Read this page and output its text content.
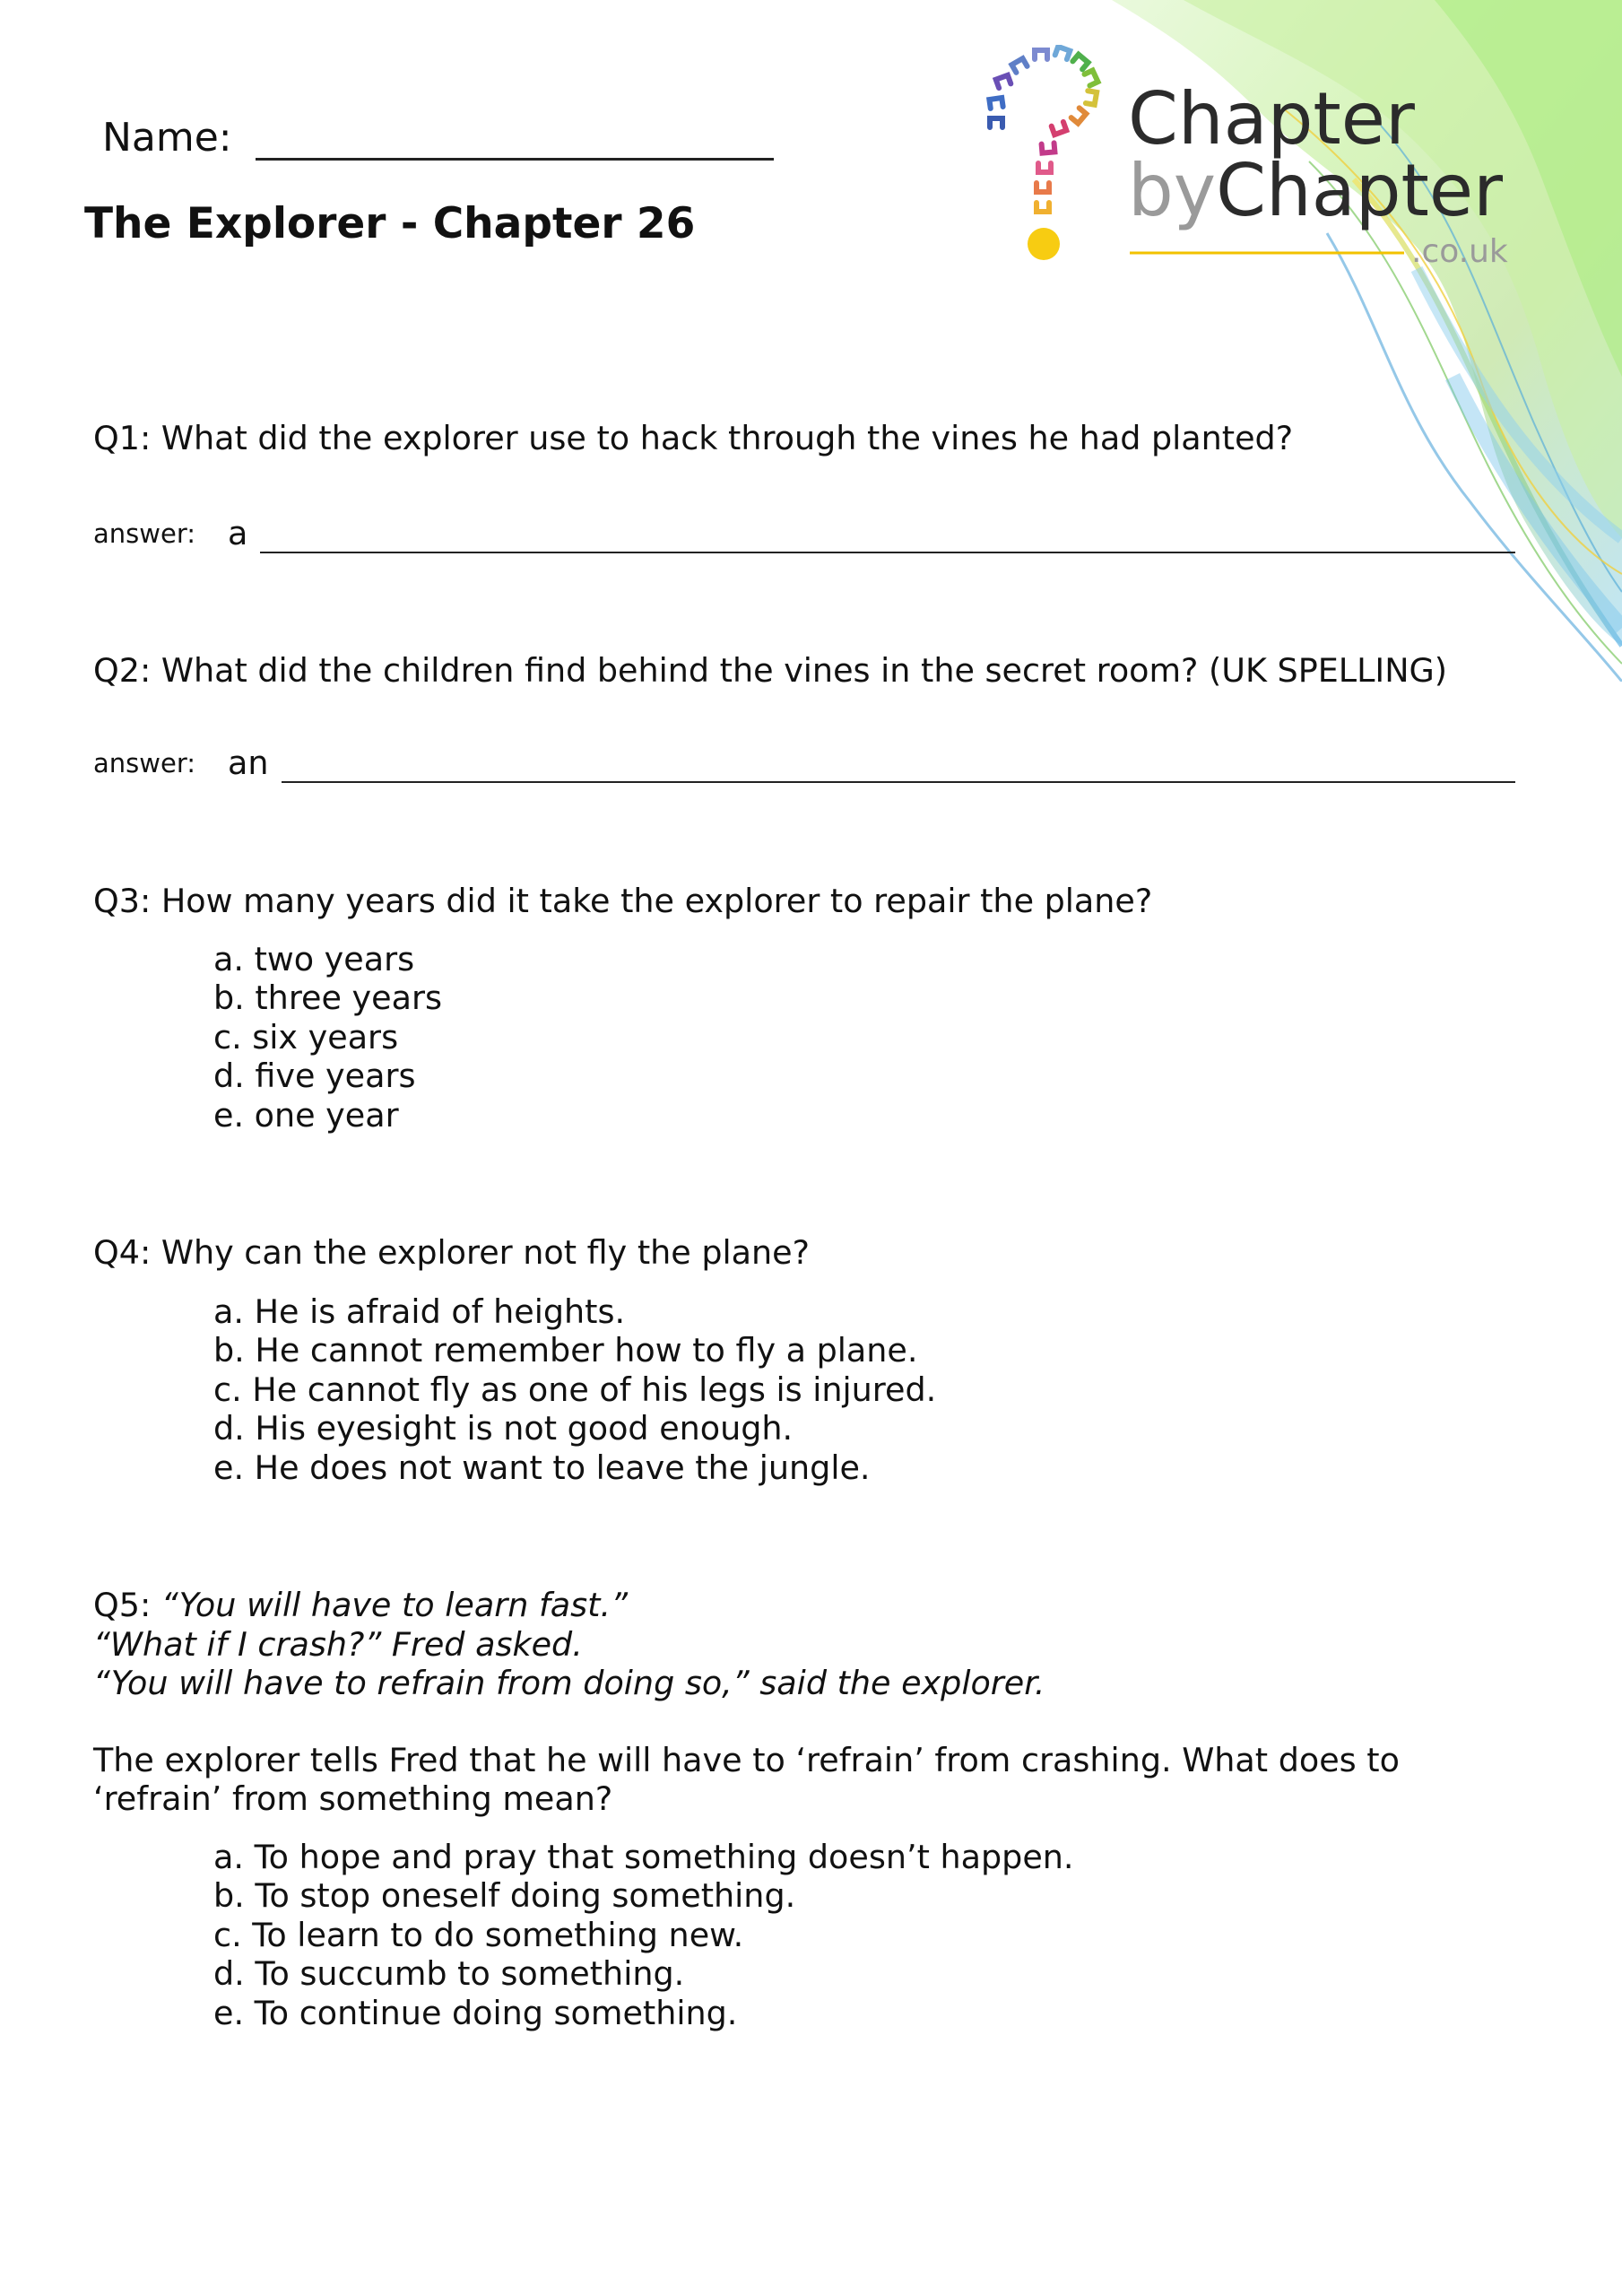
Name:
The Explorer - Chapter 26
Chapter
byChapter
.co.uk
Q1: What did the explorer use to hack through the vines he had planted?
answer: a
Q2: What did the children find behind the vines in the secret room? (UK SPELLING)
answer: an
Q3: How many years did it take the explorer to repair the plane?
a. two years
b. three years
c. six years
d. five years
e. one year
Q4: Why can the explorer not fly the plane?
a. He is afraid of heights.
b. He cannot remember how to fly a plane.
c. He cannot fly as one of his legs is injured.
d. His eyesight is not good enough.
e. He does not want to leave the jungle.
Q5: “You will have to learn fast.”
“What if I crash?” Fred asked.
“You will have to refrain from doing so,” said the explorer.
The explorer tells Fred that he will have to ‘refrain’ from crashing. What does to
‘refrain’ from something mean?
a. To hope and pray that something doesn’t happen.
b. To stop oneself doing something.
c. To learn to do something new.
d. To succumb to something.
e. To continue doing something.
